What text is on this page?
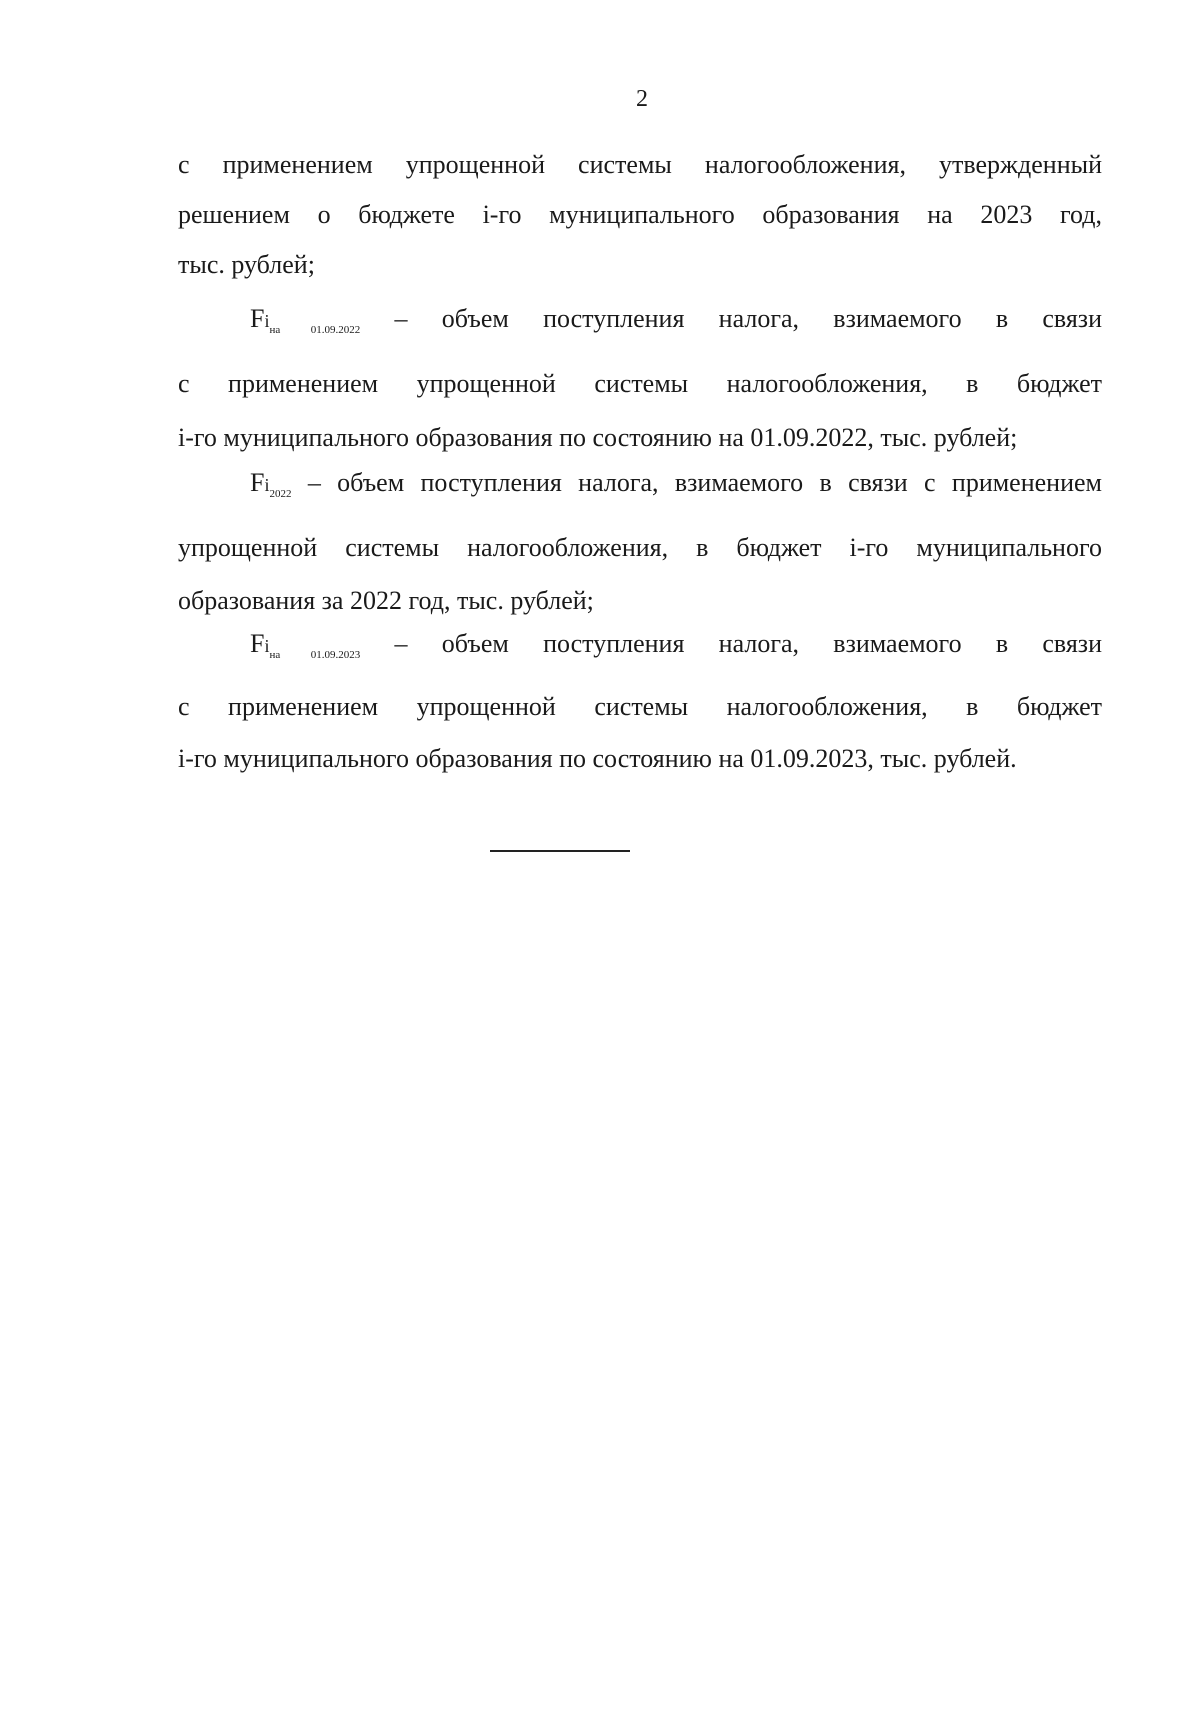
2

с применением упрощенной системы налогообложения, утвержденный
решением о бюджете i-го муниципального образования на 2023 год,
тыс. рублей;

$Fi_{на 01.09.2022}$ – объем поступления налога, взимаемого в связи
с применением упрощенной системы налогообложения, в бюджет
i-го муниципального образования по состоянию на 01.09.2022, тыс. рублей;

$Fi_{2022}$ – объем поступления налога, взимаемого в связи с применением
упрощенной системы налогообложения, в бюджет i-го муниципального
образования за 2022 год, тыс. рублей;

$Fi_{на 01.09.2023}$ – объем поступления налога, взимаемого в связи
с применением упрощенной системы налогообложения, в бюджет
i-го муниципального образования по состоянию на 01.09.2023, тыс. рублей.
